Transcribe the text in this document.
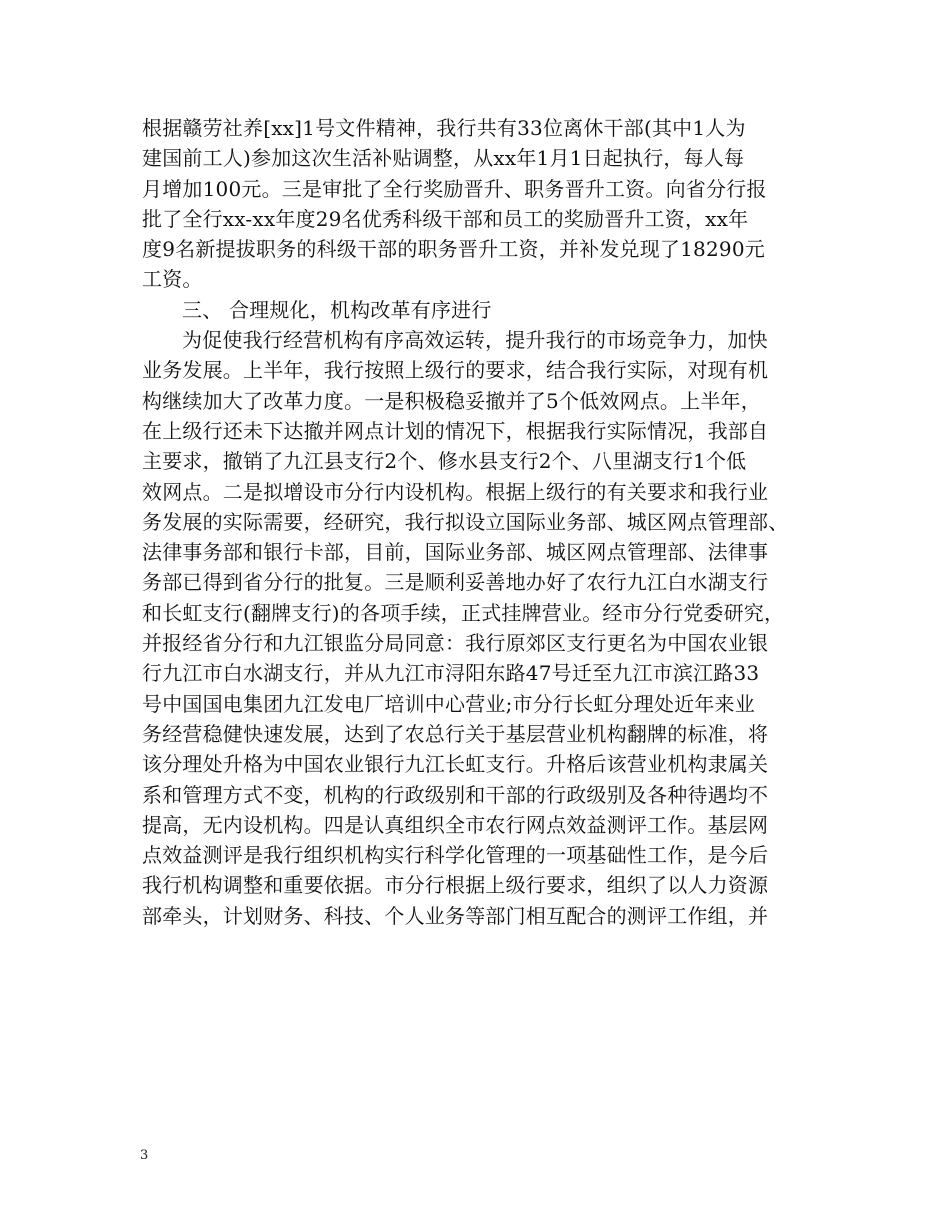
根据赣劳社养[xx]1号文件精神，我行共有33位离休干部(其中1人为
建国前工人)参加这次生活补贴调整，从xx年1月1日起执行，每人每
月增加100元。三是审批了全行奖励晋升、职务晋升工资。向省分行报
批了全行xx-xx年度29名优秀科级干部和员工的奖励晋升工资，xx年
度9名新提拔职务的科级干部的职务晋升工资，并补发兑现了18290元
工资。
三、 合理规化，机构改革有序进行
为促使我行经营机构有序高效运转，提升我行的市场竞争力，加快
业务发展。上半年，我行按照上级行的要求，结合我行实际，对现有机
构继续加大了改革力度。一是积极稳妥撤并了5个低效网点。上半年，
在上级行还未下达撤并网点计划的情况下，根据我行实际情况，我部自
主要求，撤销了九江县支行2个、修水县支行2个、八里湖支行1个低
效网点。二是拟增设市分行内设机构。根据上级行的有关要求和我行业
务发展的实际需要，经研究，我行拟设立国际业务部、城区网点管理部、
法律事务部和银行卡部，目前，国际业务部、城区网点管理部、法律事
务部已得到省分行的批复。三是顺利妥善地办好了农行九江白水湖支行
和长虹支行(翻牌支行)的各项手续，正式挂牌营业。经市分行党委研究，
并报经省分行和九江银监分局同意：我行原郊区支行更名为中国农业银
行九江市白水湖支行，并从九江市浔阳东路47号迁至九江市滨江路33
号中国国电集团九江发电厂培训中心营业;市分行长虹分理处近年来业
务经营稳健快速发展，达到了农总行关于基层营业机构翻牌的标准，将
该分理处升格为中国农业银行九江长虹支行。升格后该营业机构隶属关
系和管理方式不变，机构的行政级别和干部的行政级别及各种待遇均不
提高，无内设机构。四是认真组织全市农行网点效益测评工作。基层网
点效益测评是我行组织机构实行科学化管理的一项基础性工作，是今后
我行机构调整和重要依据。市分行根据上级行要求，组织了以人力资源
部牵头，计划财务、科技、个人业务等部门相互配合的测评工作组，并
3
